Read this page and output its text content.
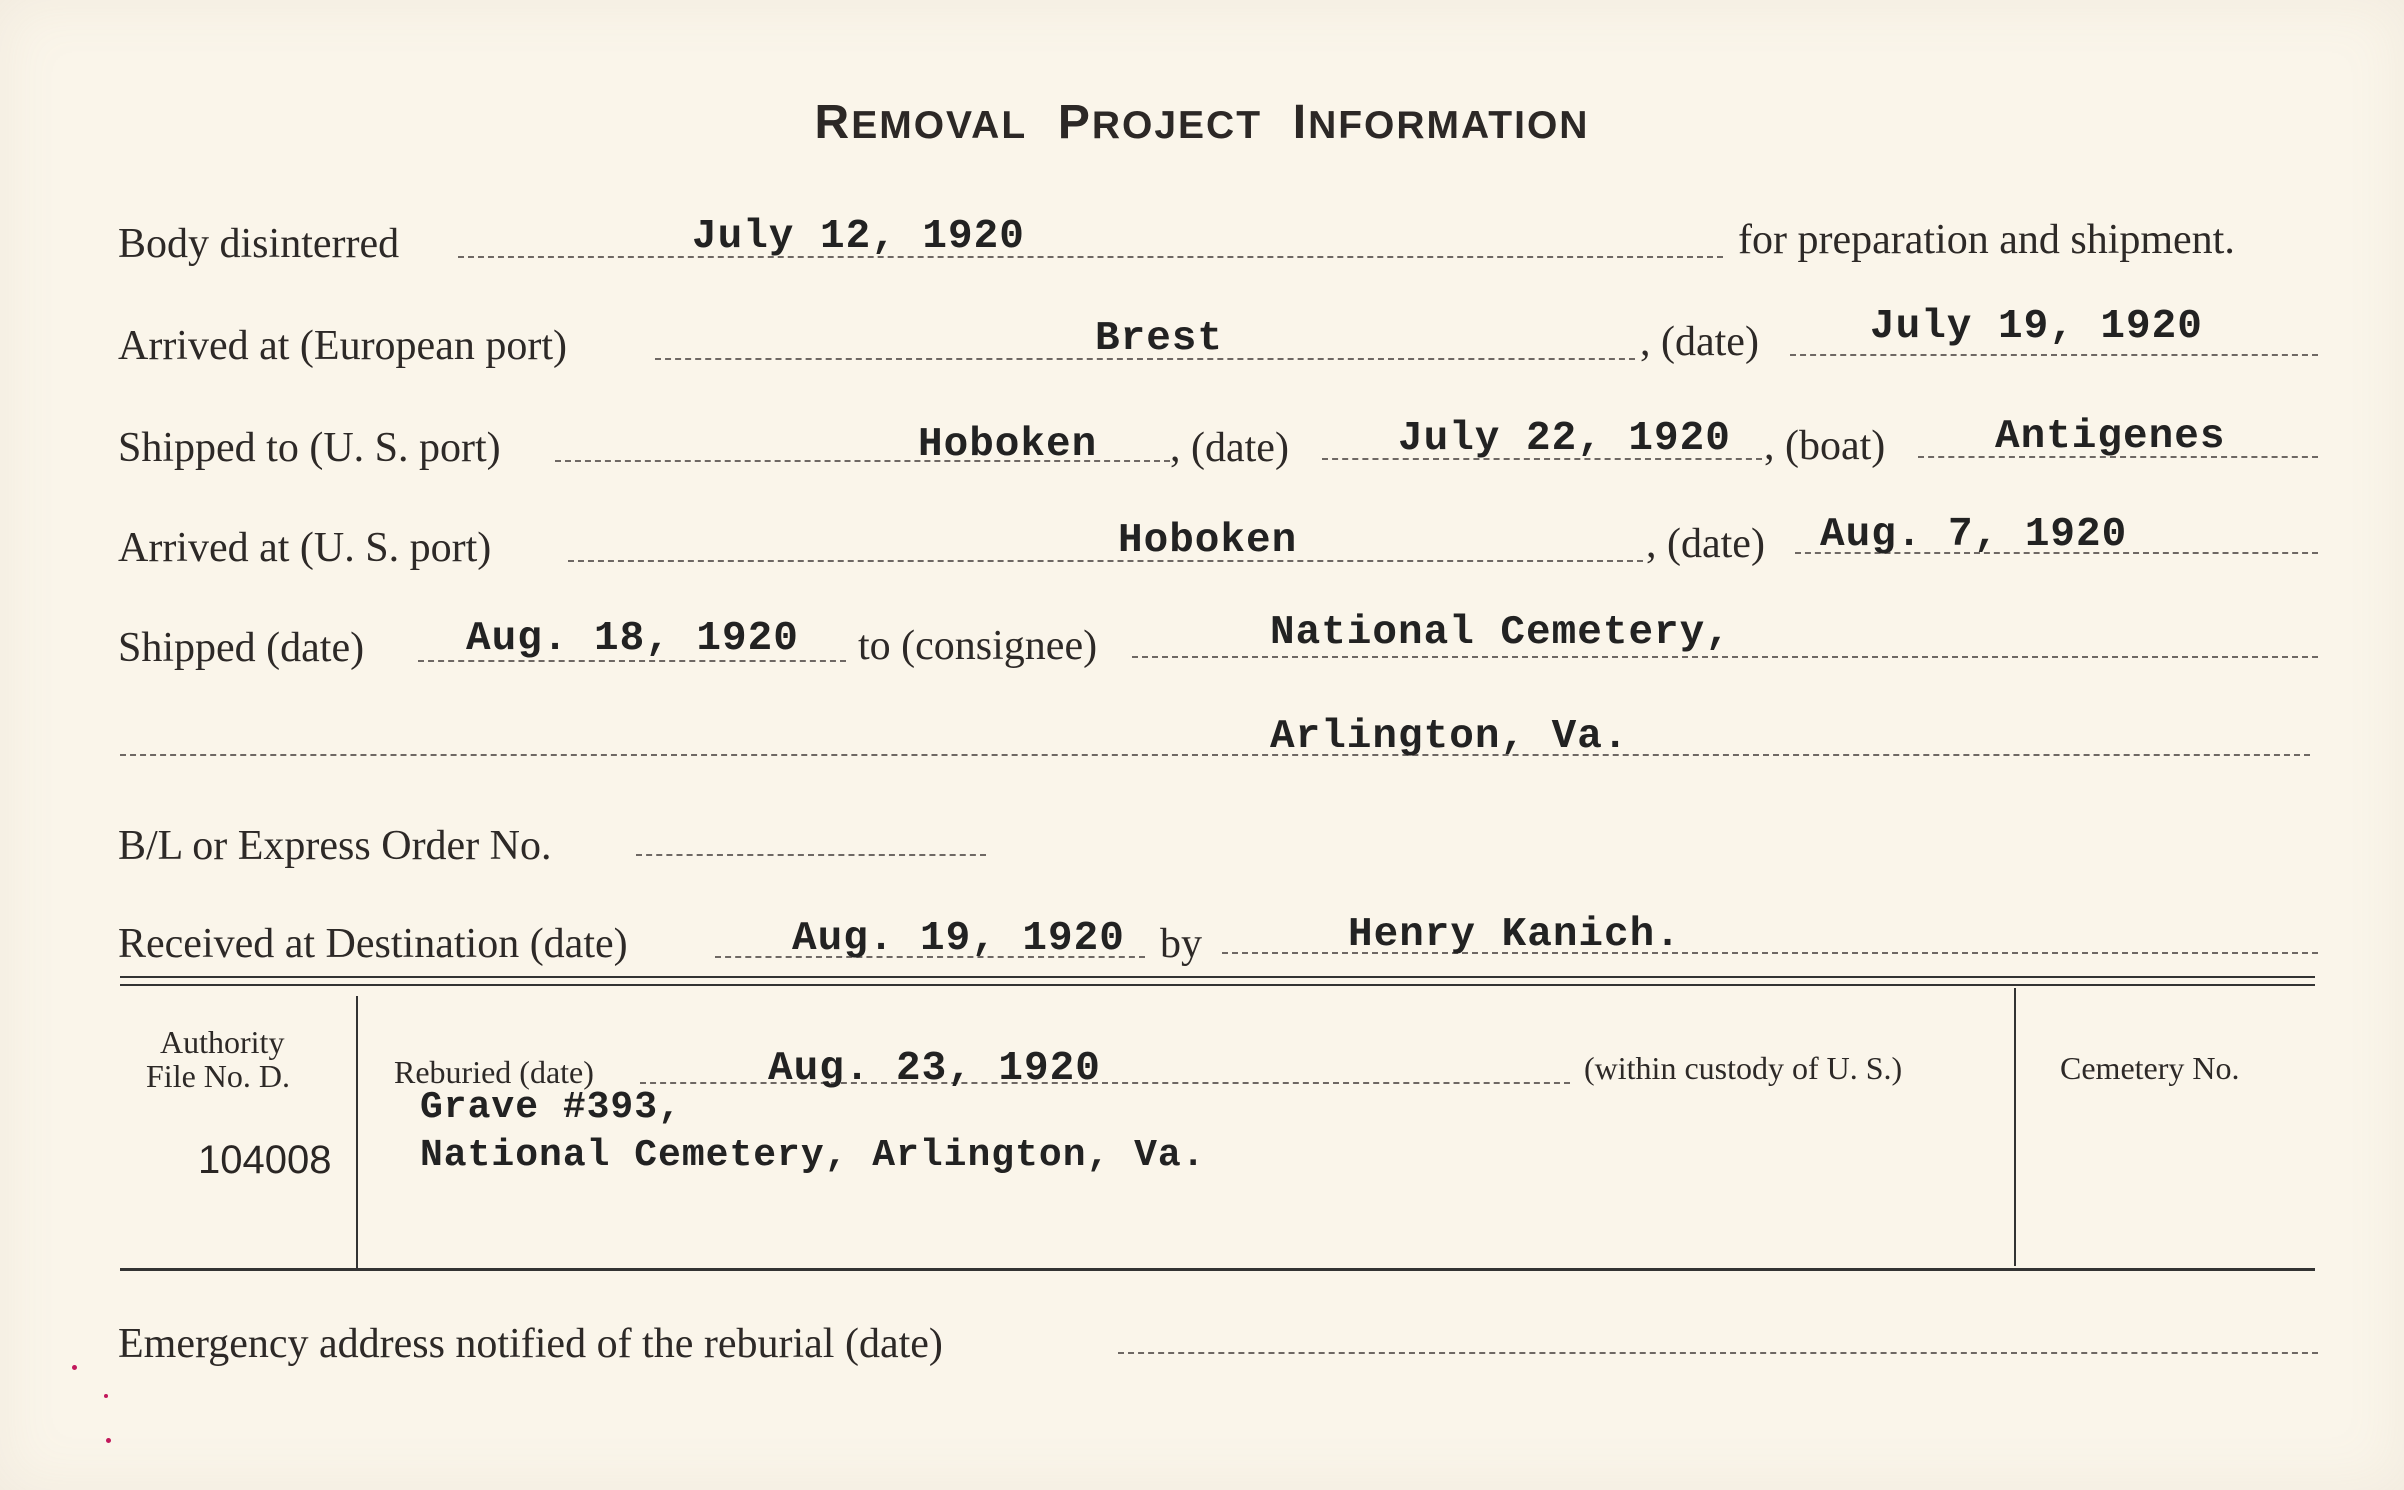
REMOVAL PROJECT INFORMATION
Body disinterred	July 12, 1920	for preparation and shipment.
Arrived at (European port)	Brest	, (date)	July 19, 1920
Shipped to (U. S. port)	Hoboken , (date)	July 22, 1920 , (boat)	Antigenes
Arrived at (U. S. port)	Hoboken	, (date) Aug. 7, 1920
Shipped (date) Aug. 18, 1920 to (consignee)	National Cemetery,
Arlington, Va.
B/L or Express Order No.
Received at Destination (date)	Aug. 19, 1920 by	Henry Kanich.
Authority
File No. D.
104008
Reburied (date)	Aug. 23, 1920	(within custody of U. S.)	Cemetery No.
Grave #393,
National Cemetery, Arlington, Va.
Emergency address notified of the reburial (date)
